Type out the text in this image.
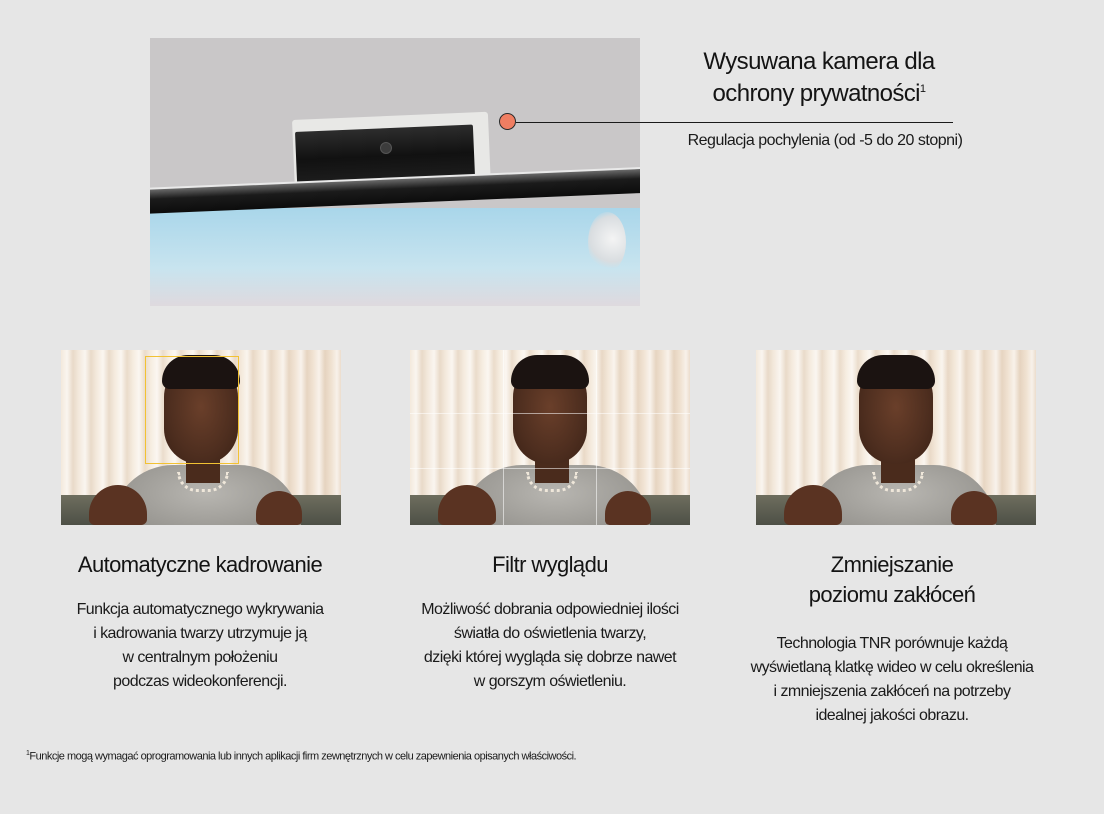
Wysuwana kamera dla
ochrony prywatności$^1$
Regulacja pochylenia (od -5 do 20 stopni)
Automatyczne kadrowanie
Funkcja automatycznego wykrywania
i kadrowania twarzy utrzymuje ją
w centralnym położeniu
podczas wideokonferencji.
Filtr wyglądu
Możliwość dobrania odpowiedniej ilości
światła do oświetlenia twarzy,
dzięki której wygląda się dobrze nawet
w gorszym oświetleniu.
Zmniejszanie
poziomu zakłóceń
Technologia TNR porównuje każdą
wyświetlaną klatkę wideo w celu określenia
i zmniejszenia zakłóceń na potrzeby
idealnej jakości obrazu.
$^1$Funkcje mogą wymagać oprogramowania lub innych aplikacji firm zewnętrznych w celu zapewnienia opisanych właściwości.
